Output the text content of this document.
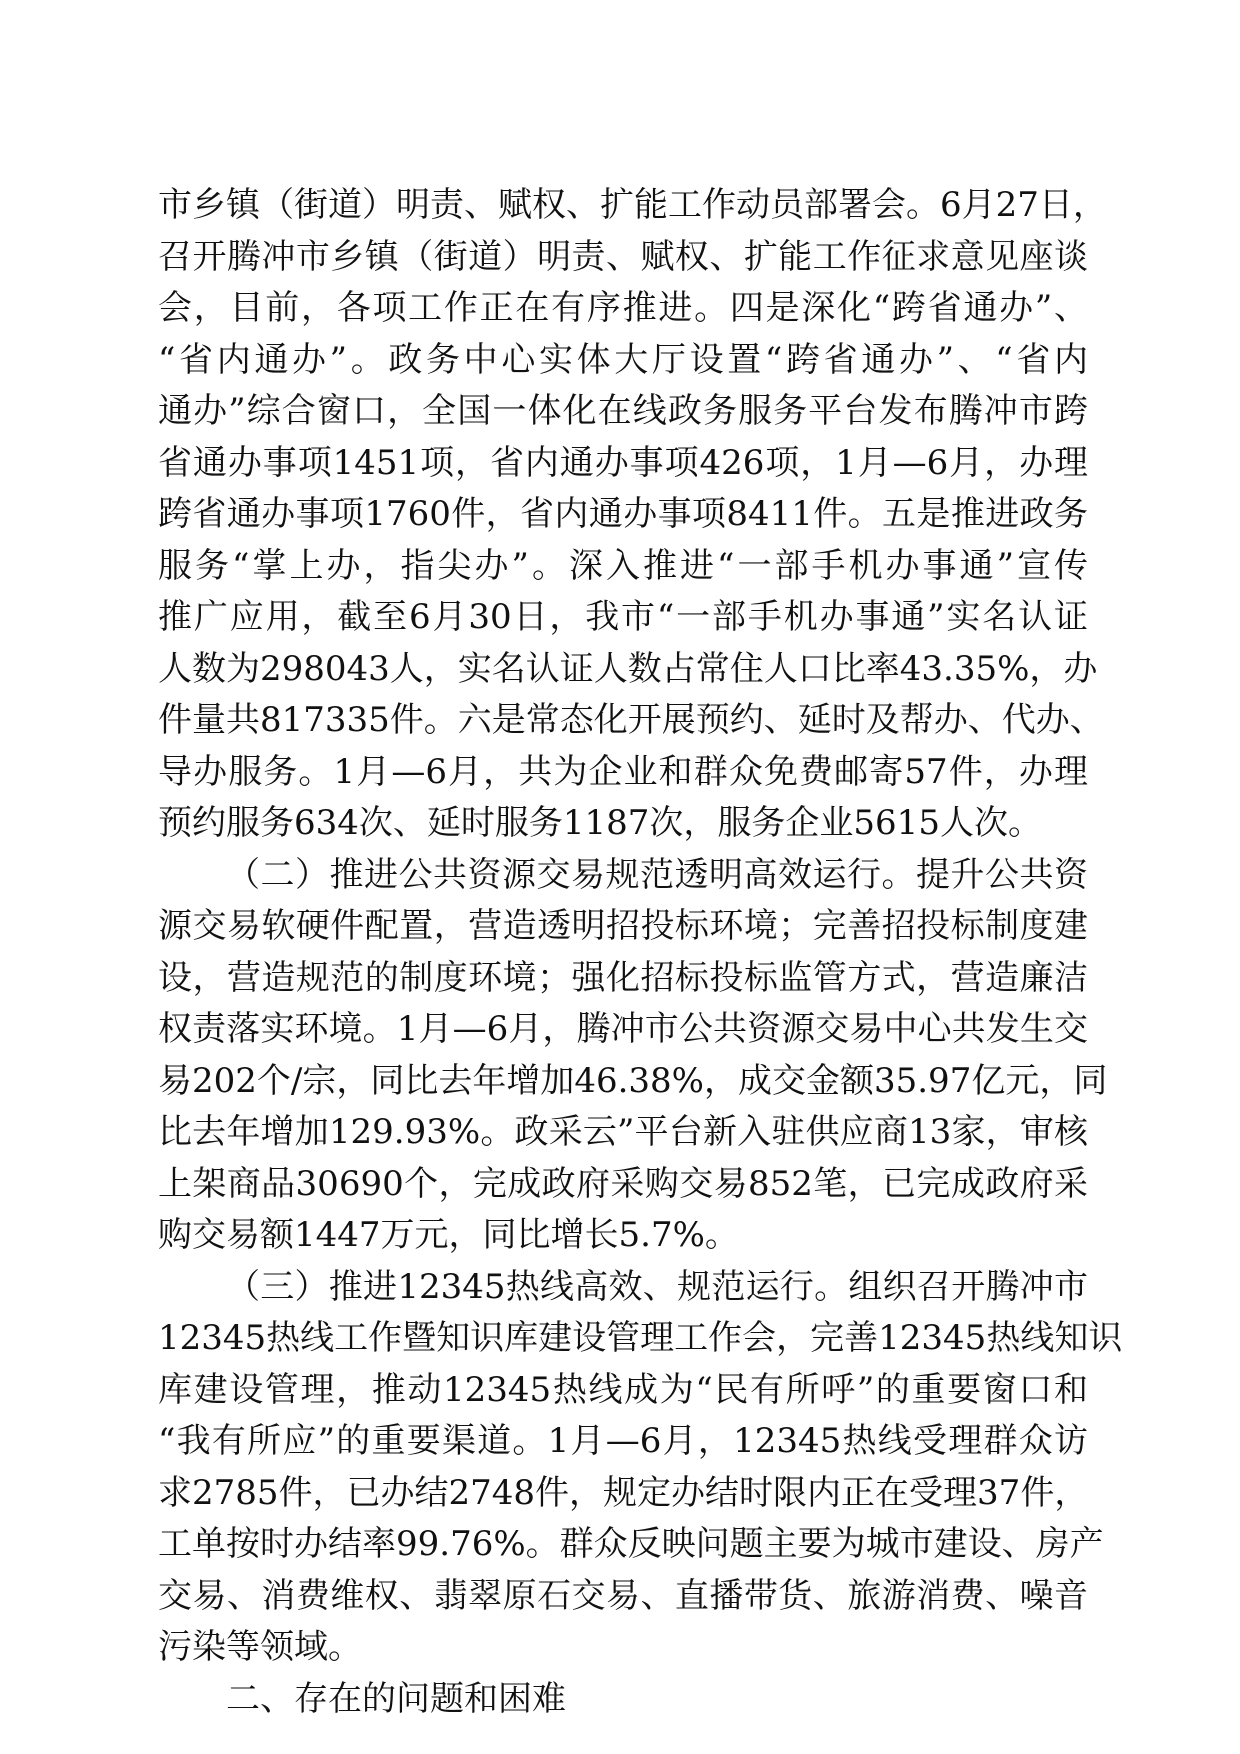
市乡镇（街道）明责、赋权、扩能工作动员部署会。6月27日，
召开腾冲市乡镇（街道）明责、赋权、扩能工作征求意见座谈
会，目前，各项工作正在有序推进。四是深化“跨省通办”、
“省内通办”。政务中心实体大厅设置“跨省通办”、“省内
通办”综合窗口，全国一体化在线政务服务平台发布腾冲市跨
省通办事项1451项，省内通办事项426项，1月—6月，办理
跨省通办事项1760件，省内通办事项8411件。五是推进政务
服务“掌上办，指尖办”。深入推进“一部手机办事通”宣传
推广应用，截至6月30日，我市“一部手机办事通”实名认证
人数为298043人，实名认证人数占常住人口比率43.35%，办
件量共817335件。六是常态化开展预约、延时及帮办、代办、
导办服务。1月—6月，共为企业和群众免费邮寄57件，办理
预约服务634次、延时服务1187次，服务企业5615人次。
（二）推进公共资源交易规范透明高效运行。提升公共资
源交易软硬件配置，营造透明招投标环境；完善招投标制度建
设，营造规范的制度环境；强化招标投标监管方式，营造廉洁
权责落实环境。1月—6月，腾冲市公共资源交易中心共发生交
易202个/宗，同比去年增加46.38%，成交金额35.97亿元，同
比去年增加129.93%。政采云”平台新入驻供应商13家，审核
上架商品30690个，完成政府采购交易852笔，已完成政府采
购交易额1447万元，同比增长5.7%。
（三）推进12345热线高效、规范运行。组织召开腾冲市
12345热线工作暨知识库建设管理工作会，完善12345热线知识
库建设管理，推动12345热线成为“民有所呼”的重要窗口和
“我有所应”的重要渠道。1月—6月，12345热线受理群众访
求2785件，已办结2748件，规定办结时限内正在受理37件，
工单按时办结率99.76%。群众反映问题主要为城市建设、房产
交易、消费维权、翡翠原石交易、直播带货、旅游消费、噪音
污染等领域。
二、存在的问题和困难
